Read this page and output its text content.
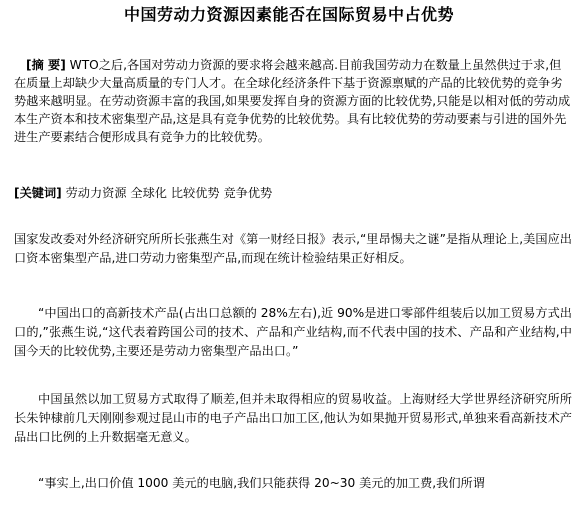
中国劳动力资源因素能否在国际贸易中占优势
[摘 要] WTO之后,各国对劳动力资源的要求将会越来越高.目前我国劳动力在数量上虽然供过于求,但在质量上却缺少大量高质量的专门人才。在全球化经济条件下基于资源禀赋的产品的比较优势的竞争劣势越来越明显。在劳动资源丰富的我国,如果要发挥自身的资源方面的比较优势,只能是以相对低的劳动成本生产资本和技术密集型产品,这是具有竞争优势的比较优势。具有比较优势的劳动要素与引进的国外先进生产要素结合便形成具有竞争力的比较优势。
[关键词] 劳动力资源 全球化 比较优势 竞争优势
国家发改委对外经济研究所所长张燕生对《第一财经日报》表示,“里昂惕夫之谜”是指从理论上,美国应出口资本密集型产品,进口劳动力密集型产品,而现在统计检验结果正好相反。
“中国出口的高新技术产品(占出口总额的 28%左右),近 90%是进口零部件组装后以加工贸易方式出口的,”张燕生说,“这代表着跨国公司的技术、产品和产业结构,而不代表中国的技术、产品和产业结构,中国今天的比较优势,主要还是劳动力密集型产品出口。”
中国虽然以加工贸易方式取得了顺差,但并未取得相应的贸易收益。上海财经大学世界经济研究所所长朱钟棣前几天刚刚参观过昆山市的电子产品出口加工区,他认为如果抛开贸易形式,单独来看高新技术产品出口比例的上升数据毫无意义。
“事实上,出口价值 1000 美元的电脑,我们只能获得 20~30 美元的加工费,我们所谓
